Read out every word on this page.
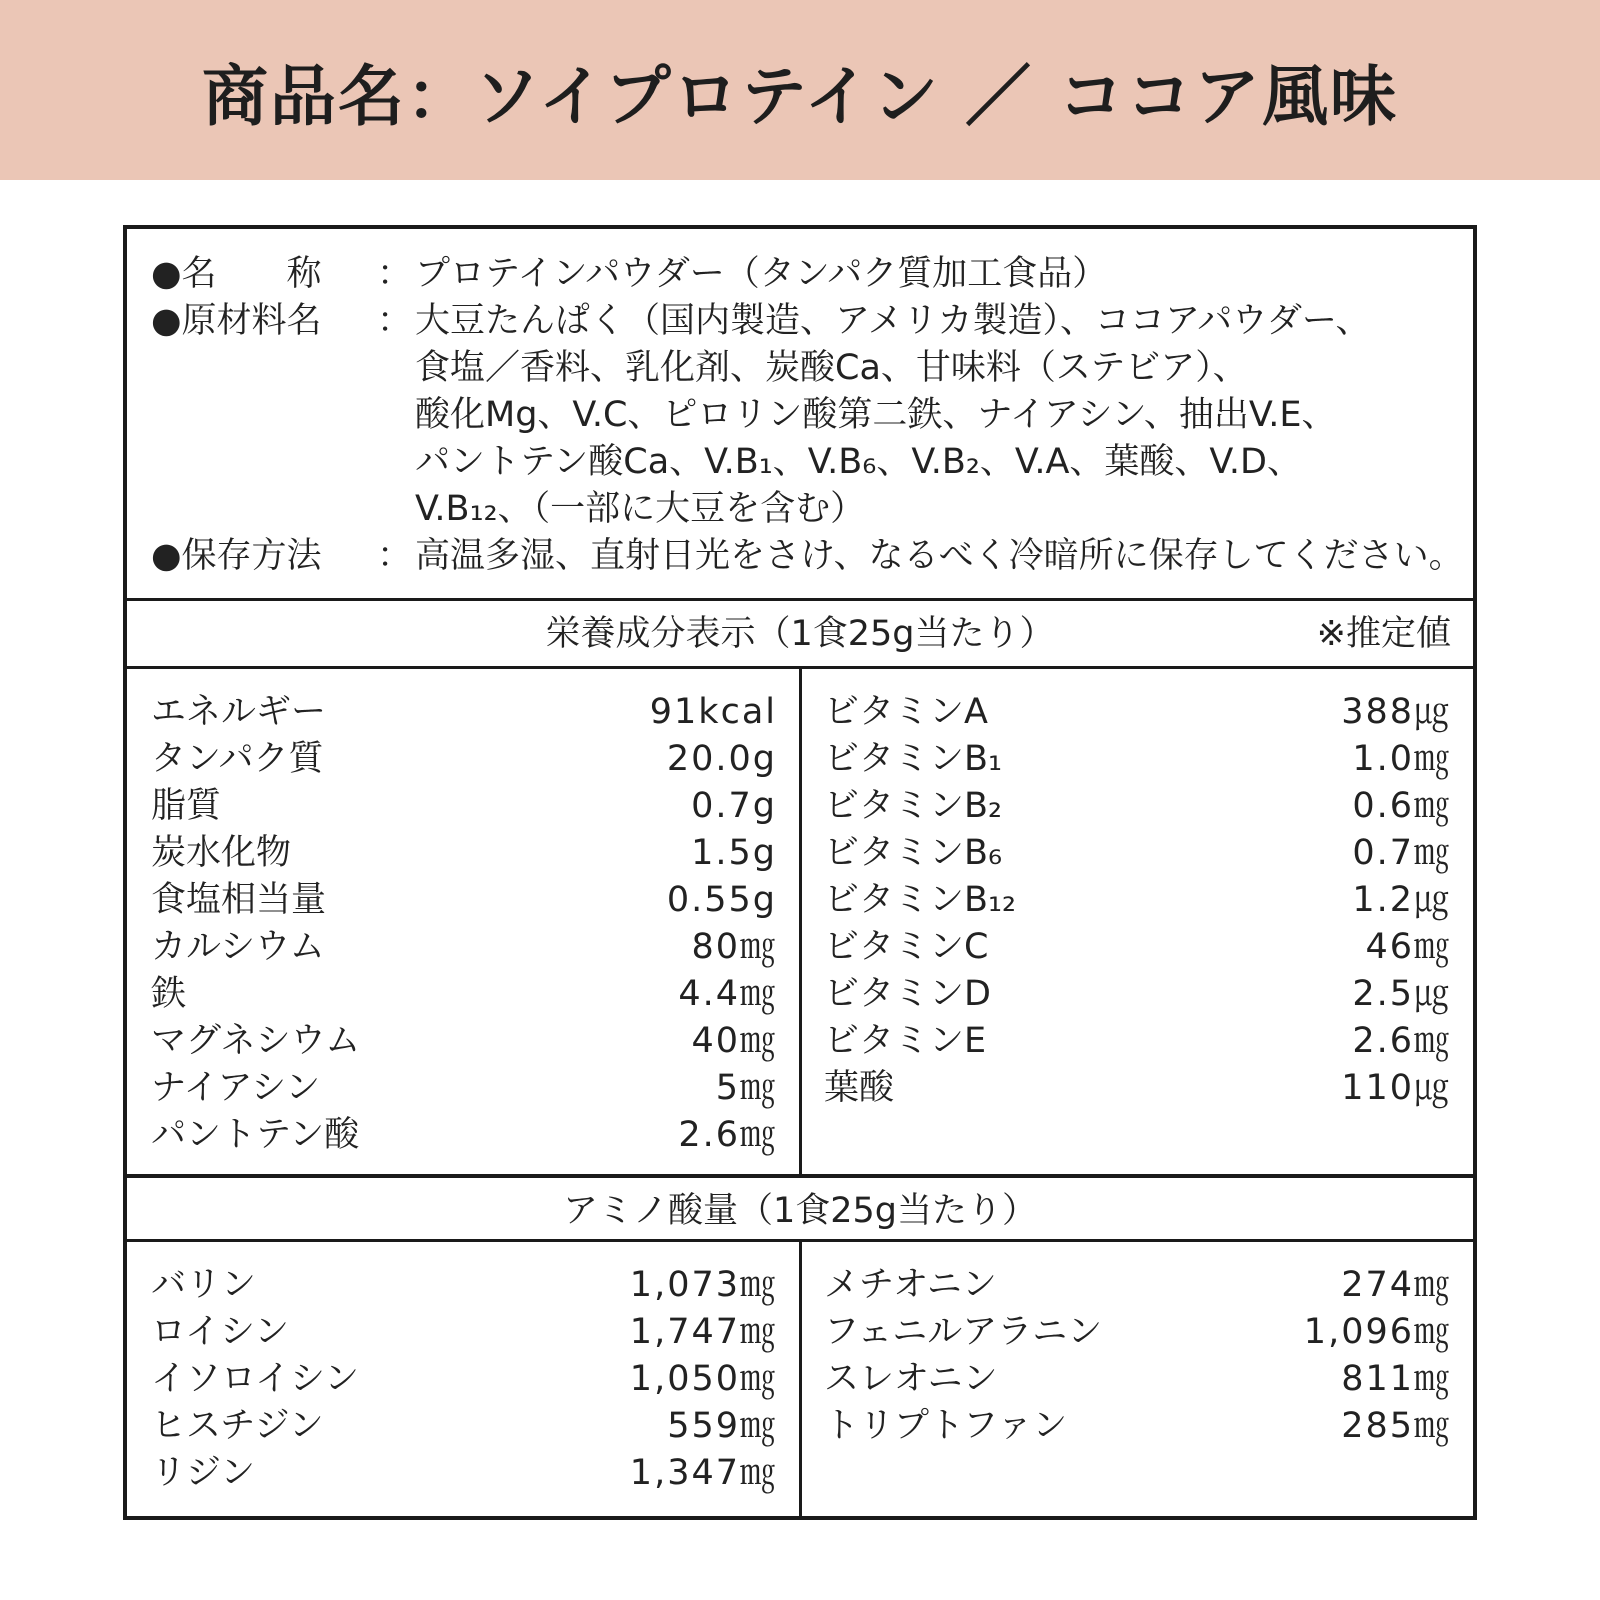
商品名：ソイプロテイン ／ ココア風味
●名　　称	： プロテインパウダー（タンパク質加工食品）
●原材料名	： 大豆たんぱく（国内製造、アメリカ製造）、ココアパウダー、
食塩／香料、乳化剤、炭酸Ca、甘味料（ステビア）、
酸化Mg、V.C、ピロリン酸第二鉄、ナイアシン、抽出V.E、
パントテン酸Ca、V.B₁、V.B₆、V.B₂、V.A、葉酸、V.D、
V.B₁₂、（一部に大豆を含む）
●保存方法	： 高温多湿、直射日光をさけ、なるべく冷暗所に保存してください。
栄養成分表示（1食25g当たり）	※推定値
エネルギー	91kcal
タンパク質	20.0g
脂質	0.7g
炭水化物	1.5g
食塩相当量	0.55g
カルシウム	80㎎
鉄	4.4㎎
マグネシウム	40㎎
ナイアシン	5㎎
パントテン酸	2.6㎎
ビタミンA	388㎍
ビタミンB₁	1.0㎎
ビタミンB₂	0.6㎎
ビタミンB₆	0.7㎎
ビタミンB₁₂	1.2㎍
ビタミンC	46㎎
ビタミンD	2.5㎍
ビタミンE	2.6㎎
葉酸	110㎍
アミノ酸量（1食25g当たり）
バリン	1,073㎎
ロイシン	1,747㎎
イソロイシン	1,050㎎
ヒスチジン	559㎎
リジン	1,347㎎
メチオニン	274㎎
フェニルアラニン	1,096㎎
スレオニン	811㎎
トリプトファン	285㎎
